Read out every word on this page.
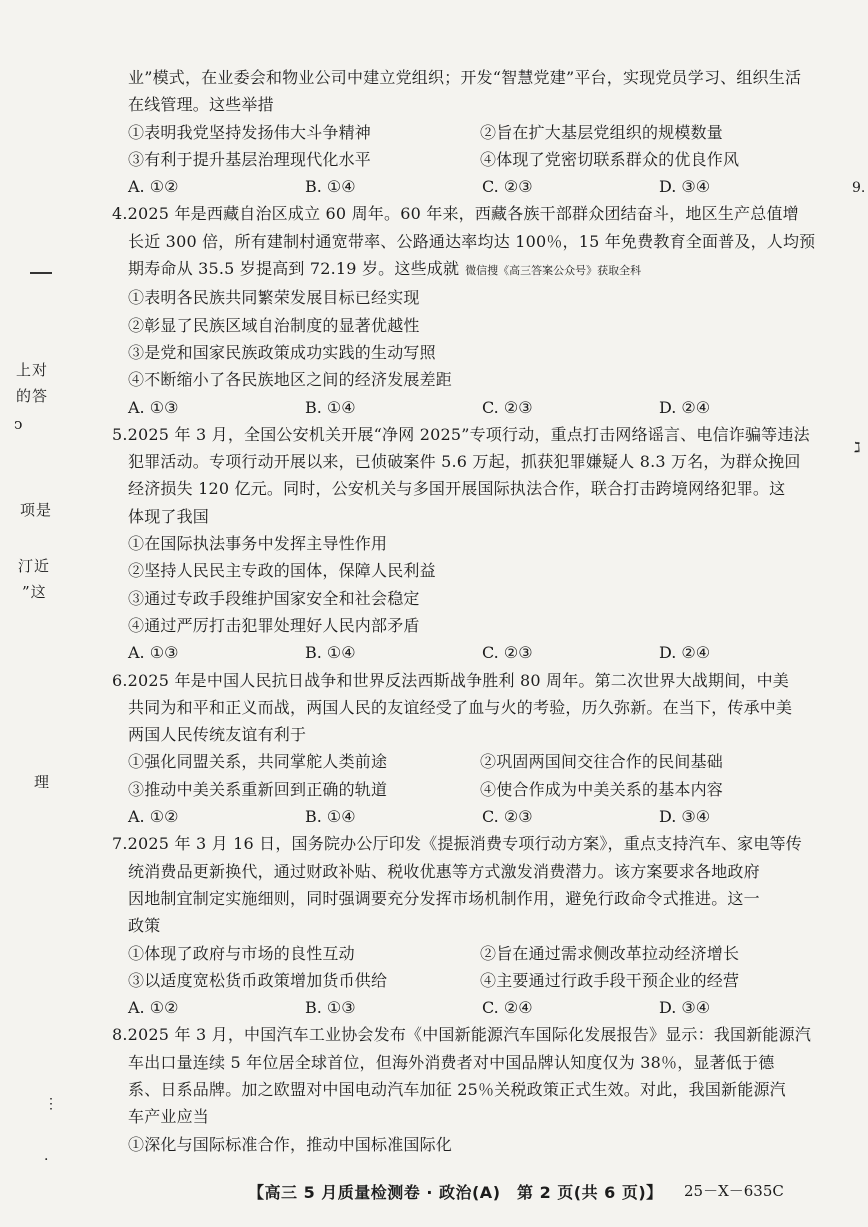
上对
的答
ↄ
项是
汀近
”这
理
⋮
·
9.
ℷ
业”模式，在业委会和物业公司中建立党组织；开发“智慧党建”平台，实现党员学习、组织生活
在线管理。这些举措
①表明我党坚持发扬伟大斗争精神	②旨在扩大基层党组织的规模数量
③有利于提升基层治理现代化水平	④体现了党密切联系群众的优良作风
A. ①②	B. ①④	C. ②③	D. ③④
4.2025 年是西藏自治区成立 60 周年。60 年来，西藏各族干部群众团结奋斗，地区生产总值增
长近 300 倍，所有建制村通宽带率、公路通达率均达 100％，15 年免费教育全面普及，人均预
期寿命从 35.5 岁提高到 72.19 岁。这些成就 微信搜《高三答案公众号》获取全科
①表明各民族共同繁荣发展目标已经实现
②彰显了民族区域自治制度的显著优越性
③是党和国家民族政策成功实践的生动写照
④不断缩小了各民族地区之间的经济发展差距
A. ①③	B. ①④	C. ②③	D. ②④
5.2025 年 3 月，全国公安机关开展“净网 2025”专项行动，重点打击网络谣言、电信诈骗等违法
犯罪活动。专项行动开展以来，已侦破案件 5.6 万起，抓获犯罪嫌疑人 8.3 万名，为群众挽回
经济损失 120 亿元。同时，公安机关与多国开展国际执法合作，联合打击跨境网络犯罪。这
体现了我国
①在国际执法事务中发挥主导性作用
②坚持人民民主专政的国体，保障人民利益
③通过专政手段维护国家安全和社会稳定
④通过严厉打击犯罪处理好人民内部矛盾
A. ①③	B. ①④	C. ②③	D. ②④
6.2025 年是中国人民抗日战争和世界反法西斯战争胜利 80 周年。第二次世界大战期间，中美
共同为和平和正义而战，两国人民的友谊经受了血与火的考验，历久弥新。在当下，传承中美
两国人民传统友谊有利于
①强化同盟关系，共同掌舵人类前途	②巩固两国间交往合作的民间基础
③推动中美关系重新回到正确的轨道	④使合作成为中美关系的基本内容
A. ①②	B. ①④	C. ②③	D. ③④
7.2025 年 3 月 16 日，国务院办公厅印发《提振消费专项行动方案》，重点支持汽车、家电等传
统消费品更新换代，通过财政补贴、税收优惠等方式激发消费潜力。该方案要求各地政府
因地制宜制定实施细则，同时强调要充分发挥市场机制作用，避免行政命令式推进。这一
政策
①体现了政府与市场的良性互动	②旨在通过需求侧改革拉动经济增长
③以适度宽松货币政策增加货币供给	④主要通过行政手段干预企业的经营
A. ①②	B. ①③	C. ②④	D. ③④
8.2025 年 3 月，中国汽车工业协会发布《中国新能源汽车国际化发展报告》显示：我国新能源汽
车出口量连续 5 年位居全球首位，但海外消费者对中国品牌认知度仅为 38％，显著低于德
系、日系品牌。加之欧盟对中国电动汽车加征 25％关税政策正式生效。对此，我国新能源汽
车产业应当
①深化与国际标准合作，推动中国标准国际化
【高三 5 月质量检测卷 · 政治(A)　第 2 页(共 6 页)】 25－X－635C
